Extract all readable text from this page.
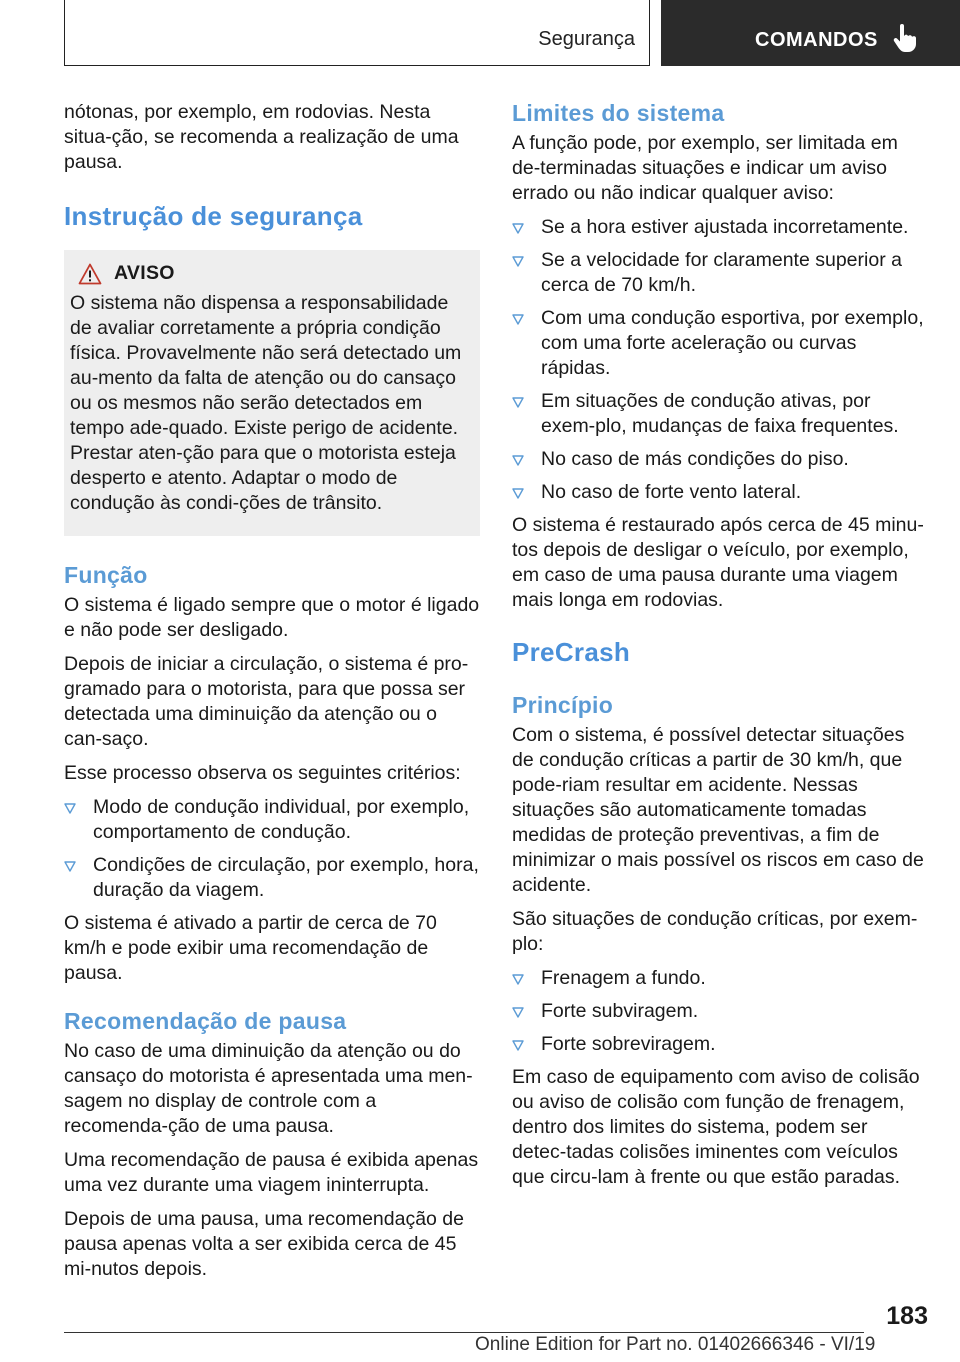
Segurança	COMANDOS

nótonas, por exemplo, em rodovias. Nesta situa-ção, se recomenda a realização de uma pausa.

Instrução de segurança
AVISO

O sistema não dispensa a responsabilidade de avaliar corretamente a própria condição física. Provavelmente não será detectado um au-mento da falta de atenção ou do cansaço ou os mesmos não serão detectados em tempo ade-quado. Existe perigo de acidente. Prestar aten-ção para que o motorista esteja desperto e atento. Adaptar o modo de condução às condi-ções de trânsito.

Função

O sistema é ligado sempre que o motor é ligado e não pode ser desligado.

Depois de iniciar a circulação, o sistema é pro-gramado para o motorista, para que possa ser detectada uma diminuição da atenção ou o can-saço.

Esse processo observa os seguintes critérios:

Modo de condução individual, por exemplo, comportamento de condução.
Condições de circulação, por exemplo, hora, duração da viagem.

O sistema é ativado a partir de cerca de 70 km/h e pode exibir uma recomendação de pausa.

Recomendação de pausa

No caso de uma diminuição da atenção ou do cansaço do motorista é apresentada uma men-sagem no display de controle com a recomenda-ção de uma pausa.

Uma recomendação de pausa é exibida apenas uma vez durante uma viagem ininterrupta.

Depois de uma pausa, uma recomendação de pausa apenas volta a ser exibida cerca de 45 mi-nutos depois.

Limites do sistema

A função pode, por exemplo, ser limitada em de-terminadas situações e indicar um aviso errado ou não indicar qualquer aviso:

Se a hora estiver ajustada incorretamente.
Se a velocidade for claramente superior a cerca de 70 km/h.
Com uma condução esportiva, por exemplo, com uma forte aceleração ou curvas rápidas.
Em situações de condução ativas, por exem-plo, mudanças de faixa frequentes.
No caso de más condições do piso.
No caso de forte vento lateral.

O sistema é restaurado após cerca de 45 minu-tos depois de desligar o veículo, por exemplo, em caso de uma pausa durante uma viagem mais longa em rodovias.

PreCrash
Princípio

Com o sistema, é possível detectar situações de condução críticas a partir de 30 km/h, que pode-riam resultar em acidente. Nessas situações são automaticamente tomadas medidas de proteção preventivas, a fim de minimizar o mais possível os riscos em caso de acidente.

São situações de condução críticas, por exem-plo:

Frenagem a fundo.
Forte subviragem.
Forte sobreviragem.

Em caso de equipamento com aviso de colisão ou aviso de colisão com função de frenagem, dentro dos limites do sistema, podem ser detec-tadas colisões iminentes com veículos que circu-lam à frente ou que estão paradas.

183
Online Edition for Part no. 01402666346 - VI/19
